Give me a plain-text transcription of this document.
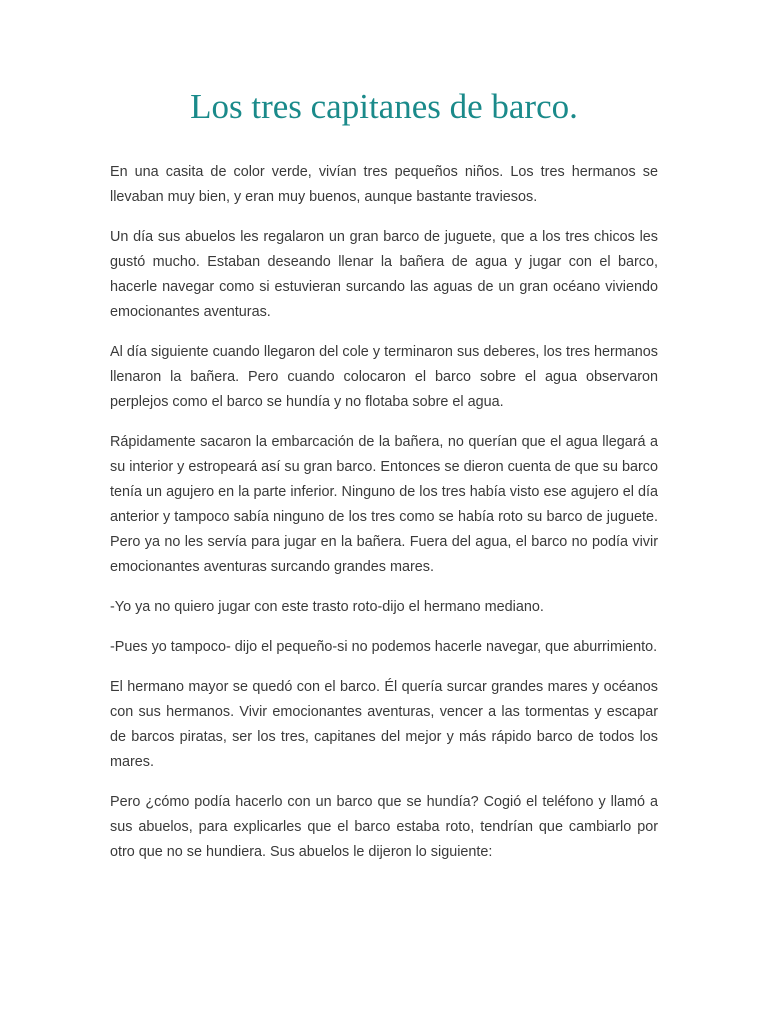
Los tres capitanes de barco.

En una casita de color verde, vivían tres pequeños niños. Los tres hermanos se llevaban muy bien, y eran muy buenos, aunque bastante traviesos.

Un día sus abuelos les regalaron un gran barco de juguete, que a los tres chicos les gustó mucho. Estaban deseando llenar la bañera de agua y jugar con el barco, hacerle navegar como si estuvieran surcando las aguas de un gran océano viviendo emocionantes aventuras.

Al día siguiente cuando llegaron del cole y terminaron sus deberes, los tres hermanos llenaron la bañera. Pero cuando colocaron el barco sobre el agua observaron perplejos como el barco se hundía y no flotaba sobre el agua.

Rápidamente sacaron la embarcación de la bañera, no querían que el agua llegará a su interior y estropeará así su gran barco. Entonces se dieron cuenta de que su barco tenía un agujero en la parte inferior. Ninguno de los tres había visto ese agujero el día anterior y tampoco sabía ninguno de los tres como se había roto su barco de juguete. Pero ya no les servía para jugar en la bañera. Fuera del agua, el barco no podía vivir emocionantes aventuras surcando grandes mares.

-Yo ya no quiero jugar con este trasto roto-dijo el hermano mediano.

-Pues yo tampoco- dijo el pequeño-si no podemos hacerle navegar, que aburrimiento.

El hermano mayor se quedó con el barco. Él quería surcar grandes mares y océanos con sus hermanos. Vivir emocionantes aventuras, vencer a las tormentas y escapar de barcos piratas, ser los tres, capitanes del mejor y más rápido barco de todos los mares.

Pero ¿cómo podía hacerlo con un barco que se hundía? Cogió el teléfono y llamó a sus abuelos, para explicarles que el barco estaba roto, tendrían que cambiarlo por otro que no se hundiera. Sus abuelos le dijeron lo siguiente:
